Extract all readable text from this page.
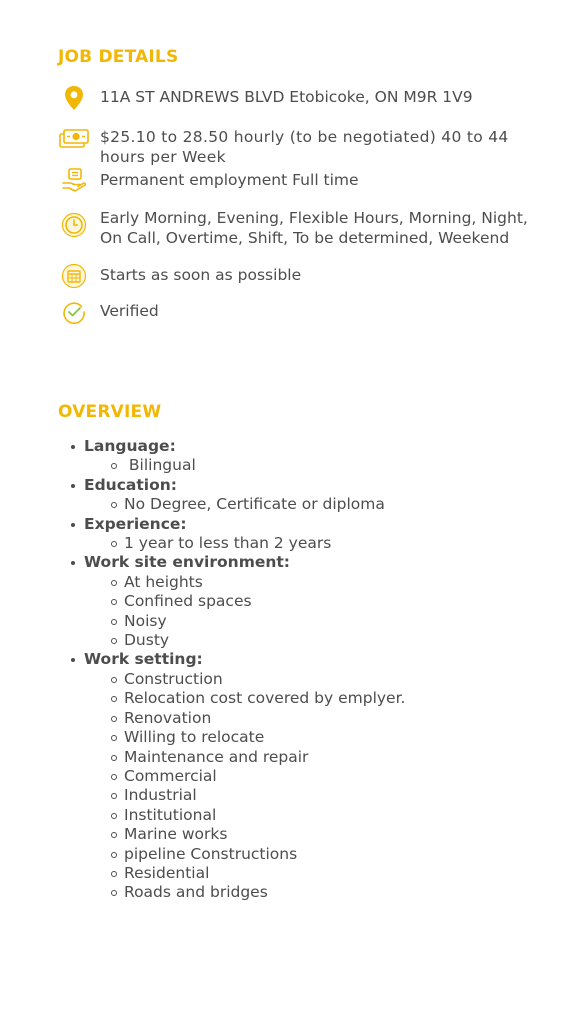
JOB DETAILS
11A ST ANDREWS BLVD Etobicoke, ON M9R 1V9
$25.10 to 28.50 hourly (to be negotiated) 40 to 44 hours per Week
Permanent employment Full time
Early Morning, Evening, Flexible Hours, Morning, Night, On Call, Overtime, Shift, To be determined, Weekend
Starts as soon as possible
Verified
OVERVIEW
Language:
Bilingual
Education:
No Degree, Certificate or diploma
Experience:
1 year to less than 2 years
Work site environment:
At heights
Confined spaces
Noisy
Dusty
Work setting:
Construction
Relocation cost covered by emplyer.
Renovation
Willing to relocate
Maintenance and repair
Commercial
Industrial
Institutional
Marine works
pipeline Constructions
Residential
Roads and bridges
